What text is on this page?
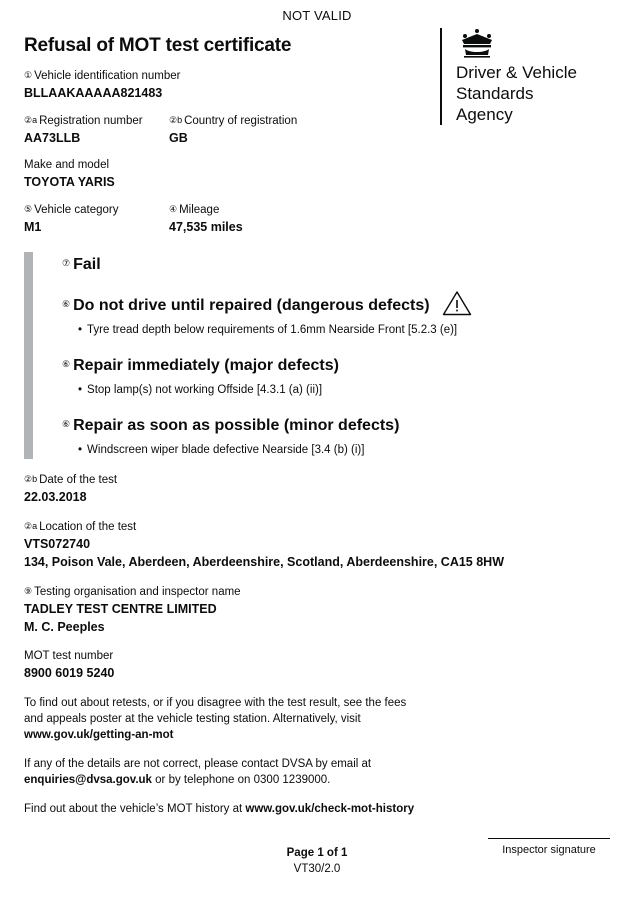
NOT VALID
Refusal of MOT test certificate
Driver & Vehicle
Standards
Agency
① Vehicle identification number
BLLAAKAAAAA821483
②a Registration number
AA73LLB
②b Country of registration
GB
Make and model
TOYOTA YARIS
⑤ Vehicle category
M1
④ Mileage
47,535 miles
⑦ Fail
⑥ Do not drive until repaired (dangerous defects)
• Tyre tread depth below requirements of 1.6mm Nearside Front [5.2.3 (e)]
⑥ Repair immediately (major defects)
• Stop lamp(s) not working Offside [4.3.1 (a) (ii)]
⑥ Repair as soon as possible (minor defects)
• Windscreen wiper blade defective Nearside [3.4 (b) (i)]
②b Date of the test
22.03.2018
②a Location of the test
VTS072740
134, Poison Vale, Aberdeen, Aberdeenshire, Scotland, Aberdeenshire, CA15 8HW
⑨ Testing organisation and inspector name
TADLEY TEST CENTRE LIMITED
M. C. Peeples
MOT test number
8900 6019 5240
To find out about retests, or if you disagree with the test result, see the fees
and appeals poster at the vehicle testing station. Alternatively, visit
www.gov.uk/getting-an-mot
If any of the details are not correct, please contact DVSA by email at
enquiries@dvsa.gov.uk or by telephone on 0300 1239000.
Find out about the vehicle’s MOT history at www.gov.uk/check-mot-history
Page 1 of 1
VT30/2.0
Inspector signature
